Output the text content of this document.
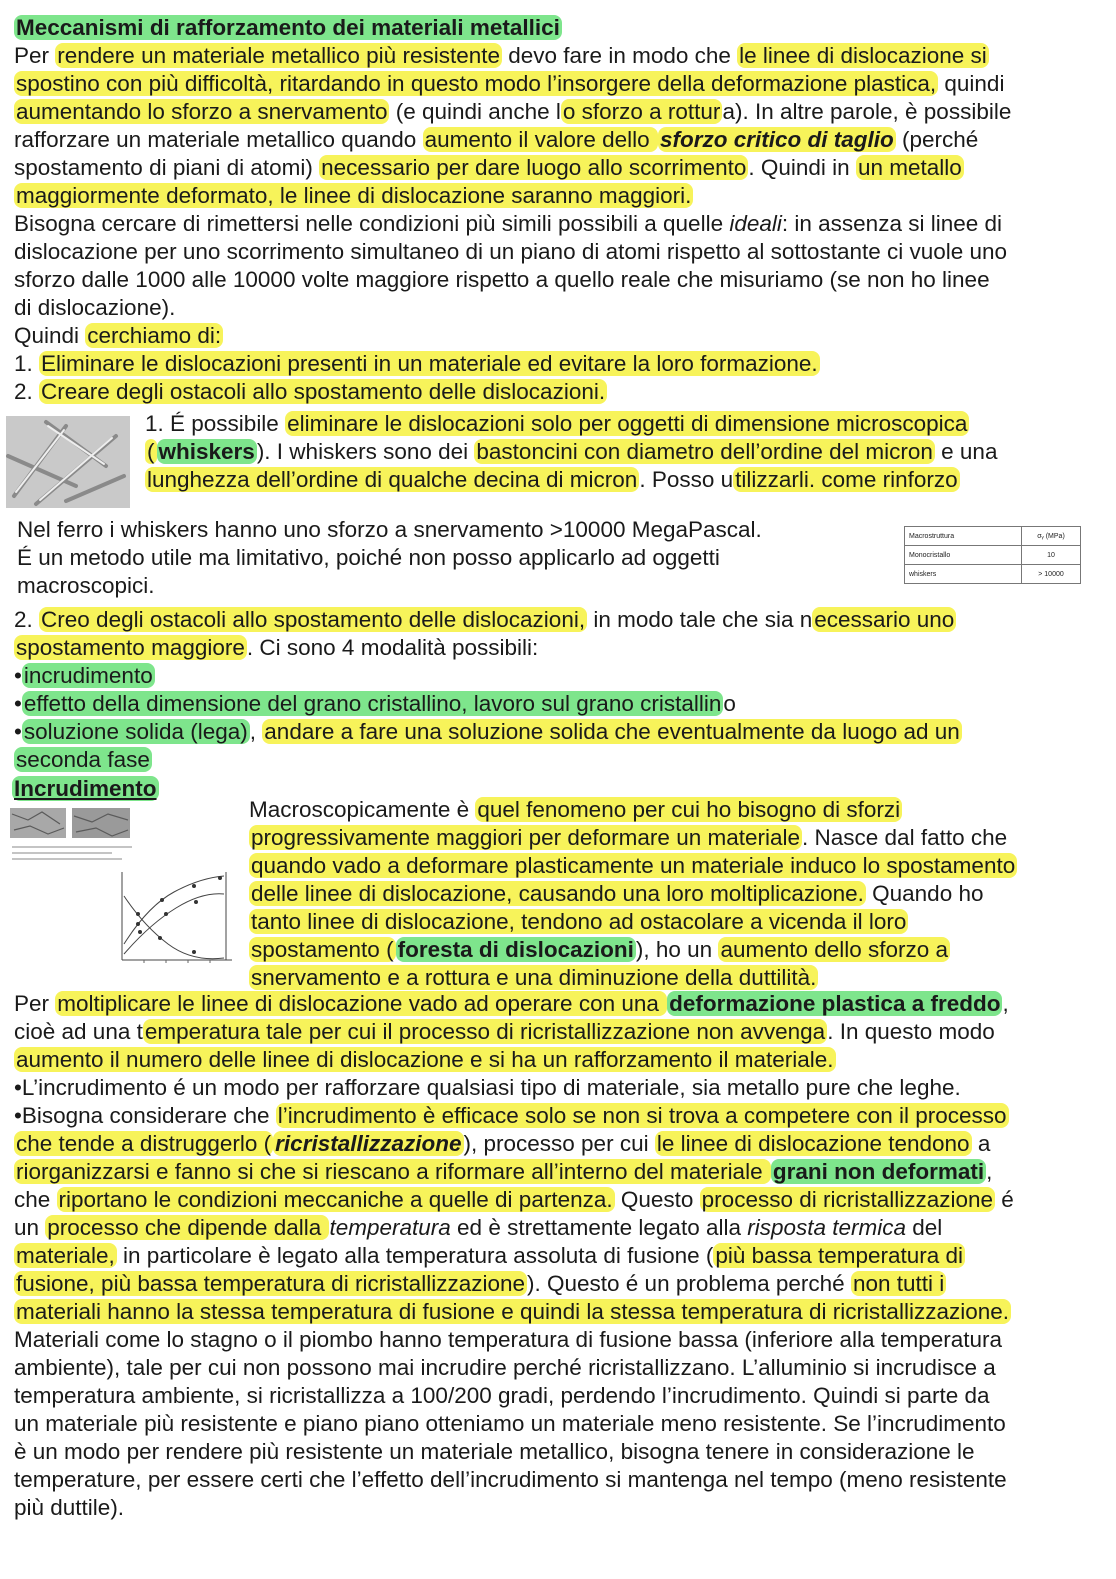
Meccanismi di rafforzamento dei materiali metallici
Per rendere un materiale metallico più resistente devo fare in modo che le linee di dislocazione si
spostino con più difficoltà, ritardando in questo modo l’insorgere della deformazione plastica, quindi
aumentando lo sforzo a snervamento (e quindi anche lo sforzo a rottura). In altre parole, è possibile
rafforzare un materiale metallico quando aumento il valore dello sforzo critico di taglio (perché
spostamento di piani di atomi) necessario per dare luogo allo scorrimento. Quindi in un metallo
maggiormente deformato, le linee di dislocazione saranno maggiori.
Bisogna cercare di rimettersi nelle condizioni più simili possibili a quelle ideali: in assenza si linee di
dislocazione per uno scorrimento simultaneo di un piano di atomi rispetto al sottostante ci vuole uno
sforzo dalle 1000 alle 10000 volte maggiore rispetto a quello reale che misuriamo (se non ho linee
di dislocazione).
Quindi cerchiamo di:
1. Eliminare le dislocazioni presenti in un materiale ed evitare la loro formazione.
2. Creare degli ostacoli allo spostamento delle dislocazioni.
1. É possibile eliminare le dislocazioni solo per oggetti di dimensione microscopica
( whiskers). I whiskers sono dei bastoncini con diametro dell’ordine del micron e una
lunghezza dell’ordine di qualche decina di micron. Posso utilizzarli. come rinforzo
Nel ferro i whiskers hanno uno sforzo a snervamento >10000 MegaPascal.
É un metodo utile ma limitativo, poiché non posso applicarlo ad oggetti
macroscopici.
Macrostruttura	σᵧ (MPa)
Monocristallo	10
whiskers	> 10000
2. Creo degli ostacoli allo spostamento delle dislocazioni, in modo tale che sia necessario uno
spostamento maggiore. Ci sono 4 modalità possibili:
•incrudimento
•effetto della dimensione del grano cristallino, lavoro sul grano cristallino
•soluzione solida (lega), andare a fare una soluzione solida che eventualmente da luogo ad un
seconda fase
Incrudimento
Macroscopicamente è quel fenomeno per cui ho bisogno di sforzi
progressivamente maggiori per deformare un materiale. Nasce dal fatto che
quando vado a deformare plasticamente un materiale induco lo spostamento
delle linee di dislocazione, causando una loro moltiplicazione. Quando ho
tanto linee di dislocazione, tendono ad ostacolare a vicenda il loro
spostamento ( foresta di dislocazioni), ho un aumento dello sforzo a
snervamento e a rottura e una diminuzione della duttilità.
Per moltiplicare le linee di dislocazione vado ad operare con una deformazione plastica a freddo,
cioè ad una temperatura tale per cui il processo di ricristallizzazione non avvenga. In questo modo
aumento il numero delle linee di dislocazione e si ha un rafforzamento il materiale.
•L’incrudimento é un modo per rafforzare qualsiasi tipo di materiale, sia metallo pure che leghe.
•Bisogna considerare che l’incrudimento è efficace solo se non si trova a competere con il processo
che tende a distruggerlo ( ricristallizzazione), processo per cui le linee di dislocazione tendono a
riorganizzarsi e fanno si che si riescano a riformare all’interno del materiale grani non deformati,
che riportano le condizioni meccaniche a quelle di partenza. Questo processo di ricristallizzazione é
un processo che dipende dalla temperatura ed è strettamente legato alla risposta termica del
materiale, in particolare è legato alla temperatura assoluta di fusione (più bassa temperatura di
fusione, più bassa temperatura di ricristallizzazione). Questo é un problema perché non tutti i
materiali hanno la stessa temperatura di fusione e quindi la stessa temperatura di ricristallizzazione.
Materiali come lo stagno o il piombo hanno temperatura di fusione bassa (inferiore alla temperatura
ambiente), tale per cui non possono mai incrudire perché ricristallizzano. L’alluminio si incrudisce a
temperatura ambiente, si ricristallizza a 100/200 gradi, perdendo l’incrudimento. Quindi si parte da
un materiale più resistente e piano piano otteniamo un materiale meno resistente. Se l’incrudimento
è un modo per rendere più resistente un materiale metallico, bisogna tenere in considerazione le
temperature, per essere certi che l’effetto dell’incrudimento si mantenga nel tempo (meno resistente
più duttile).
